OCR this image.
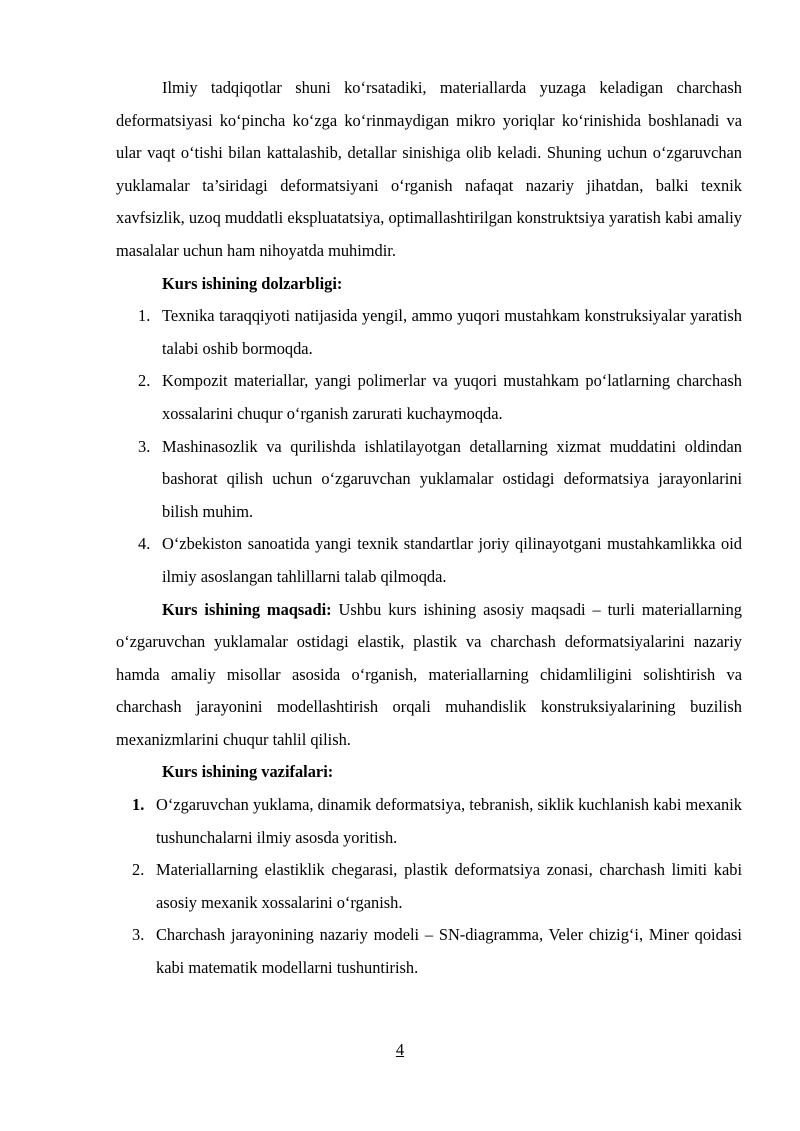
Ilmiy tadqiqotlar shuni ko‘rsatadiki, materiallarda yuzaga keladigan charchash deformatsiyasi ko‘pincha ko‘zga ko‘rinmaydigan mikro yoriqlar ko‘rinishida boshlanadi va ular vaqt o‘tishi bilan kattalashib, detallar sinishiga olib keladi. Shuning uchun o‘zgaruvchan yuklamalar ta’siridagi deformatsiyani o‘rganish nafaqat nazariy jihatdan, balki texnik xavfsizlik, uzoq muddatli ekspluatatsiya, optimallashtirilgan konstruktsiya yaratish kabi amaliy masalalar uchun ham nihoyatda muhimdir.

Kurs ishining dolzarbligi:

1. Texnika taraqqiyoti natijasida yengil, ammo yuqori mustahkam konstruksiyalar yaratish talabi oshib bormoqda.
2. Kompozit materiallar, yangi polimerlar va yuqori mustahkam po‘latlarning charchash xossalarini chuqur o‘rganish zarurati kuchaymoqda.
3. Mashinasozlik va qurilishda ishlatilayotgan detallarning xizmat muddatini oldindan bashorat qilish uchun o‘zgaruvchan yuklamalar ostidagi deformatsiya jarayonlarini bilish muhim.
4. O‘zbekiston sanoatida yangi texnik standartlar joriy qilinayotgani mustahkamlikka oid ilmiy asoslangan tahlillarni talab qilmoqda.

Kurs ishining maqsadi: Ushbu kurs ishining asosiy maqsadi – turli materiallarning o‘zgaruvchan yuklamalar ostidagi elastik, plastik va charchash deformatsiyalarini nazariy hamda amaliy misollar asosida o‘rganish, materiallarning chidamliligini solishtirish va charchash jarayonini modellashtirish orqali muhandislik konstruksiyalarining buzilish mexanizmlarini chuqur tahlil qilish.

Kurs ishining vazifalari:

1. O‘zgaruvchan yuklama, dinamik deformatsiya, tebranish, siklik kuchlanish kabi mexanik tushunchalarni ilmiy asosda yoritish.
2. Materiallarning elastiklik chegarasi, plastik deformatsiya zonasi, charchash limiti kabi asosiy mexanik xossalarini o‘rganish.
3. Charchash jarayonining nazariy modeli – SN-diagramma, Veler chizig‘i, Miner qoidasi kabi matematik modellarni tushuntirish.
4
